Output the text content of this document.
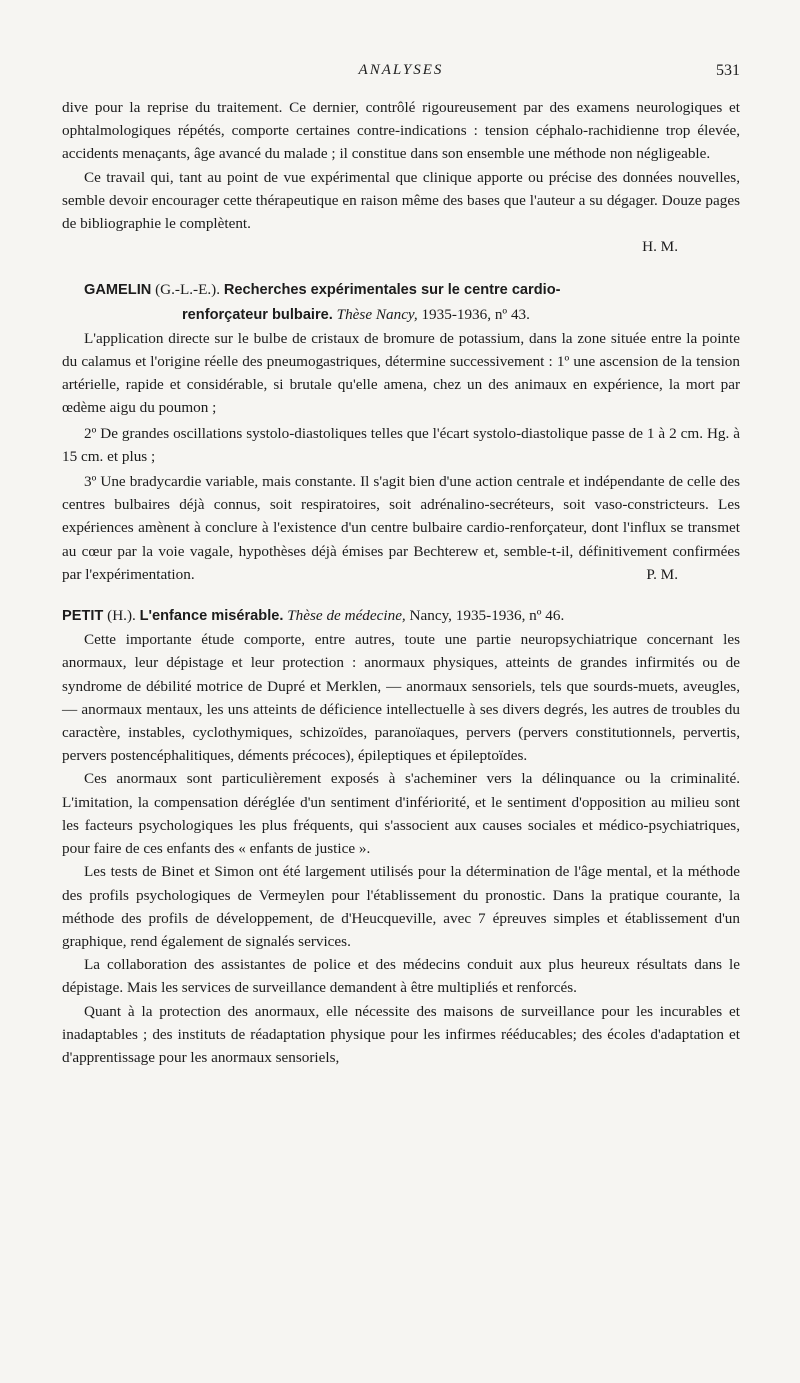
ANALYSES	531

dive pour la reprise du traitement. Ce dernier, contrôlé rigoureusement par des examens neurologiques et ophtalmologiques répétés, comporte certaines contre-indications : tension céphalo-rachidienne trop élevée, accidents menaçants, âge avancé du malade ; il constitue dans son ensemble une méthode non négligeable.

Ce travail qui, tant au point de vue expérimental que clinique apporte ou précise des données nouvelles, semble devoir encourager cette thérapeutique en raison même des bases que l'auteur a su dégager. Douze pages de bibliographie le complètent.

H. M.

GAMELIN (G.-L.-E.). Recherches expérimentales sur le centre cardio-

renforçateur bulbaire. Thèse Nancy, 1935-1936, nº 43.

L'application directe sur le bulbe de cristaux de bromure de potassium, dans la zone située entre la pointe du calamus et l'origine réelle des pneumogastriques, détermine successivement : 1º une ascension de la tension artérielle, rapide et considérable, si brutale qu'elle amena, chez un des animaux en expérience, la mort par œdème aigu du poumon ;

2º De grandes oscillations systolo-diastoliques telles que l'écart systolo-diastolique passe de 1 à 2 cm. Hg. à 15 cm. et plus ;

3º Une bradycardie variable, mais constante. Il s'agit bien d'une action centrale et indépendante de celle des centres bulbaires déjà connus, soit respiratoires, soit adrénalino-secréteurs, soit vaso-constricteurs. Les expériences amènent à conclure à l'existence d'un centre bulbaire cardio-renforçateur, dont l'influx se transmet au cœur par la voie vagale, hypothèses déjà émises par Bechterew et, semble-t-il, définitivement confirmées par l'expérimentation.	P. M.

PETIT (H.). L'enfance misérable. Thèse de médecine, Nancy, 1935-1936, nº 46.

Cette importante étude comporte, entre autres, toute une partie neuropsychiatrique concernant les anormaux, leur dépistage et leur protection : anormaux physiques, atteints de grandes infirmités ou de syndrome de débilité motrice de Dupré et Merklen, — anormaux sensoriels, tels que sourds-muets, aveugles, — anormaux mentaux, les uns atteints de déficience intellectuelle à ses divers degrés, les autres de troubles du caractère, instables, cyclothymiques, schizoïdes, paranoïaques, pervers (pervers constitutionnels, pervertis, pervers postencéphalitiques, déments précoces), épileptiques et épileptoïdes.

Ces anormaux sont particulièrement exposés à s'acheminer vers la délinquance ou la criminalité. L'imitation, la compensation déréglée d'un sentiment d'infériorité, et le sentiment d'opposition au milieu sont les facteurs psychologiques les plus fréquents, qui s'associent aux causes sociales et médico-psychiatriques, pour faire de ces enfants des « enfants de justice ».

Les tests de Binet et Simon ont été largement utilisés pour la détermination de l'âge mental, et la méthode des profils psychologiques de Vermeylen pour l'établissement du pronostic. Dans la pratique courante, la méthode des profils de développement, de d'Heucqueville, avec 7 épreuves simples et établissement d'un graphique, rend également de signalés services.

La collaboration des assistantes de police et des médecins conduit aux plus heureux résultats dans le dépistage. Mais les services de surveillance demandent à être multipliés et renforcés.

Quant à la protection des anormaux, elle nécessite des maisons de surveillance pour les incurables et inadaptables ; des instituts de réadaptation physique pour les infirmes rééducables; des écoles d'adaptation et d'apprentissage pour les anormaux sensoriels,
